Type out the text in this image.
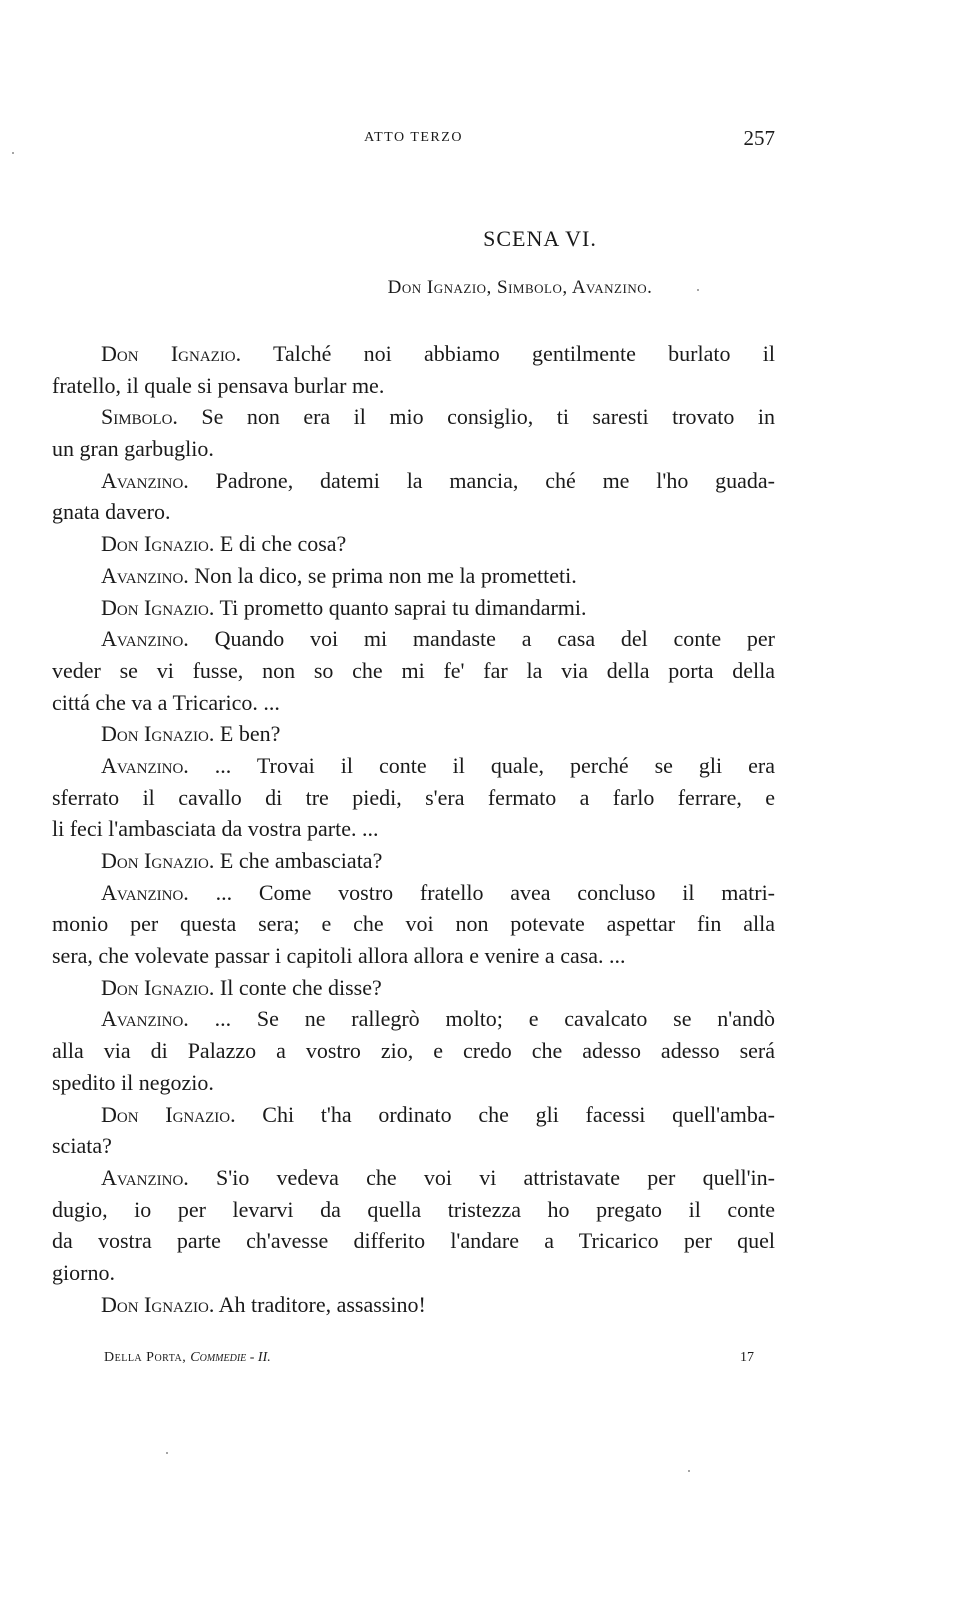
ATTO TERZO	257
SCENA VI.
Don Ignazio, Simbolo, Avanzino.
Don Ignazio. Talché noi abbiamo gentilmente burlato il
fratello, il quale si pensava burlar me.
Simbolo. Se non era il mio consiglio, ti saresti trovato in
un gran garbuglio.
Avanzino. Padrone, datemi la mancia, ché me l'ho guada-
gnata davero.
Don Ignazio. E di che cosa?
Avanzino. Non la dico, se prima non me la prometteti.
Don Ignazio. Ti prometto quanto saprai tu dimandarmi.
Avanzino. Quando voi mi mandaste a casa del conte per
veder se vi fusse, non so che mi fe' far la via della porta della
cittá che va a Tricarico. ...
Don Ignazio. E ben?
Avanzino. ... Trovai il conte il quale, perché se gli era
sferrato il cavallo di tre piedi, s'era fermato a farlo ferrare, e
li feci l'ambasciata da vostra parte. ...
Don Ignazio. E che ambasciata?
Avanzino. ... Come vostro fratello avea concluso il matri-
monio per questa sera; e che voi non potevate aspettar fin alla
sera, che volevate passar i capitoli allora allora e venire a casa. ...
Don Ignazio. Il conte che disse?
Avanzino. ... Se ne rallegrò molto; e cavalcato se n'andò
alla via di Palazzo a vostro zio, e credo che adesso adesso será
spedito il negozio.
Don Ignazio. Chi t'ha ordinato che gli facessi quell'amba-
sciata?
Avanzino. S'io vedeva che voi vi attristavate per quell'in-
dugio, io per levarvi da quella tristezza ho pregato il conte
da vostra parte ch'avesse differito l'andare a Tricarico per quel
giorno.
Don Ignazio. Ah traditore, assassino!
Della Porta, Commedie - II.	17
